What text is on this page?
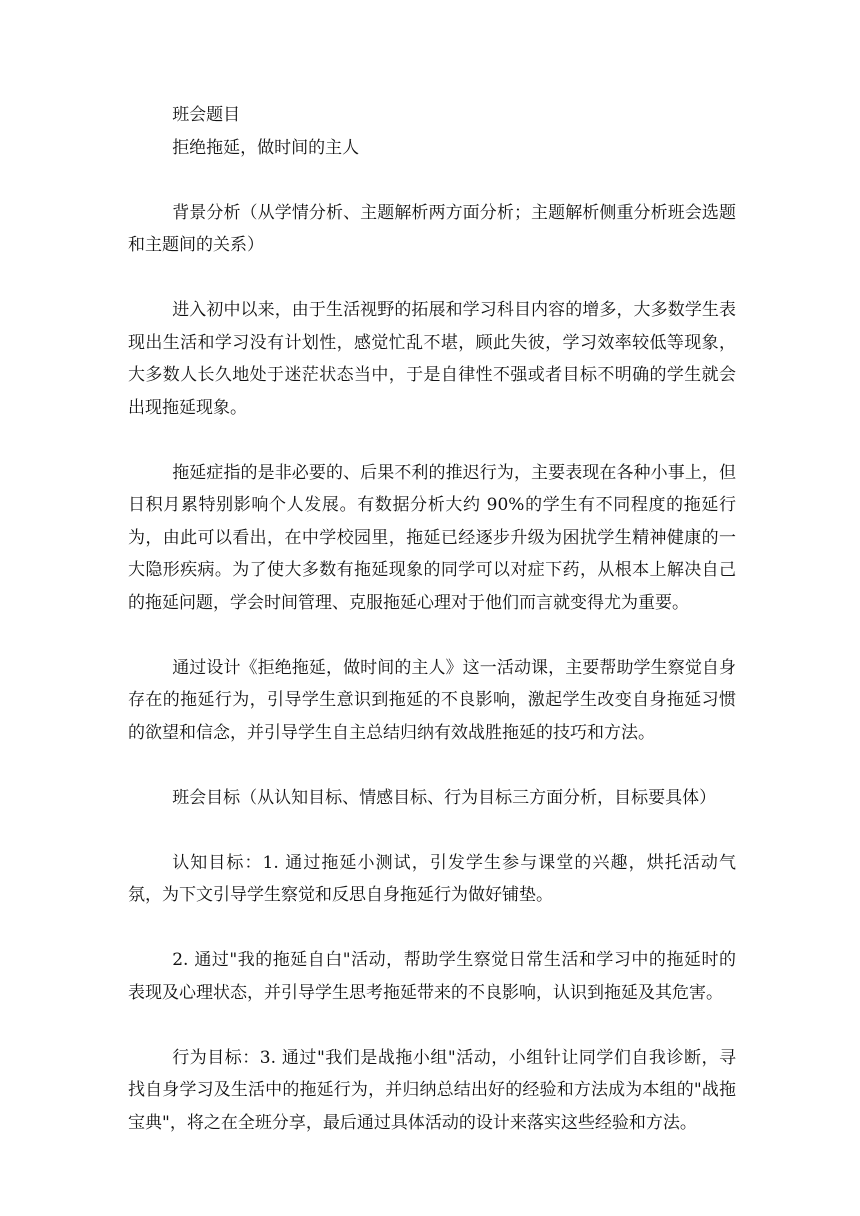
班会题目

拒绝拖延，做时间的主人

背景分析（从学情分析、主题解析两方面分析；主题解析侧重分析班会选题和主题间的关系）

进入初中以来，由于生活视野的拓展和学习科目内容的增多，大多数学生表现出生活和学习没有计划性，感觉忙乱不堪，顾此失彼，学习效率较低等现象，大多数人长久地处于迷茫状态当中，于是自律性不强或者目标不明确的学生就会出现拖延现象。

拖延症指的是非必要的、后果不利的推迟行为，主要表现在各种小事上，但日积月累特别影响个人发展。有数据分析大约 90%的学生有不同程度的拖延行为，由此可以看出，在中学校园里，拖延已经逐步升级为困扰学生精神健康的一大隐形疾病。为了使大多数有拖延现象的同学可以对症下药，从根本上解决自己的拖延问题，学会时间管理、克服拖延心理对于他们而言就变得尤为重要。

通过设计《拒绝拖延，做时间的主人》这一活动课，主要帮助学生察觉自身存在的拖延行为，引导学生意识到拖延的不良影响，激起学生改变自身拖延习惯的欲望和信念，并引导学生自主总结归纳有效战胜拖延的技巧和方法。

班会目标（从认知目标、情感目标、行为目标三方面分析，目标要具体）

认知目标：1. 通过拖延小测试，引发学生参与课堂的兴趣，烘托活动气氛，为下文引导学生察觉和反思自身拖延行为做好铺垫。

2. 通过"我的拖延自白"活动，帮助学生察觉日常生活和学习中的拖延时的表现及心理状态，并引导学生思考拖延带来的不良影响，认识到拖延及其危害。

行为目标：3. 通过"我们是战拖小组"活动，小组针让同学们自我诊断，寻找自身学习及生活中的拖延行为，并归纳总结出好的经验和方法成为本组的"战拖宝典"，将之在全班分享，最后通过具体活动的设计来落实这些经验和方法。
